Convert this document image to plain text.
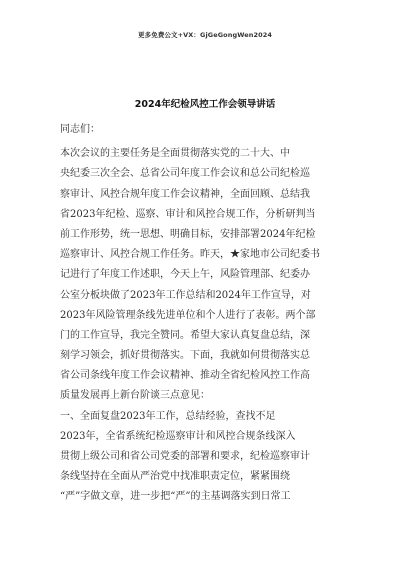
更多免费公文+VX：GjGeGongWen2024
2024年纪检风控工作会领导讲话
同志们：
本次会议的主要任务是全面贯彻落实党的二十大、中
央纪委三次全会、总省公司年度工作会议和总公司纪检巡
察审计、风控合规年度工作会议精神，全面回顾、总结我
省2023年纪检、巡察、审计和风控合规工作，分析研判当
前工作形势，统一思想、明确目标，安排部署2024年纪检
巡察审计、风控合规工作任务。昨天，★家地市公司纪委书
记进行了年度工作述职，今天上午，风险管理部、纪委办
公室分板块做了2023年工作总结和2024年工作宣导，对
2023年风险管理条线先进单位和个人进行了表彰。两个部
门的工作宣导，我完全赞同。希望大家认真复盘总结，深
刻学习领会，抓好贯彻落实。下面，我就如何贯彻落实总
省公司条线年度工作会议精神、推动全省纪检风控工作高
质量发展再上新台阶谈三点意见：
一、全面复盘2023年工作，总结经验，查找不足
2023年，全省系统纪检巡察审计和风控合规条线深入
贯彻上级公司和省公司党委的部署和要求，纪检巡察审计
条线坚持在全面从严治党中找准职责定位，紧紧围绕
“严”字做文章，进一步把“严”的主基调落实到日常工
